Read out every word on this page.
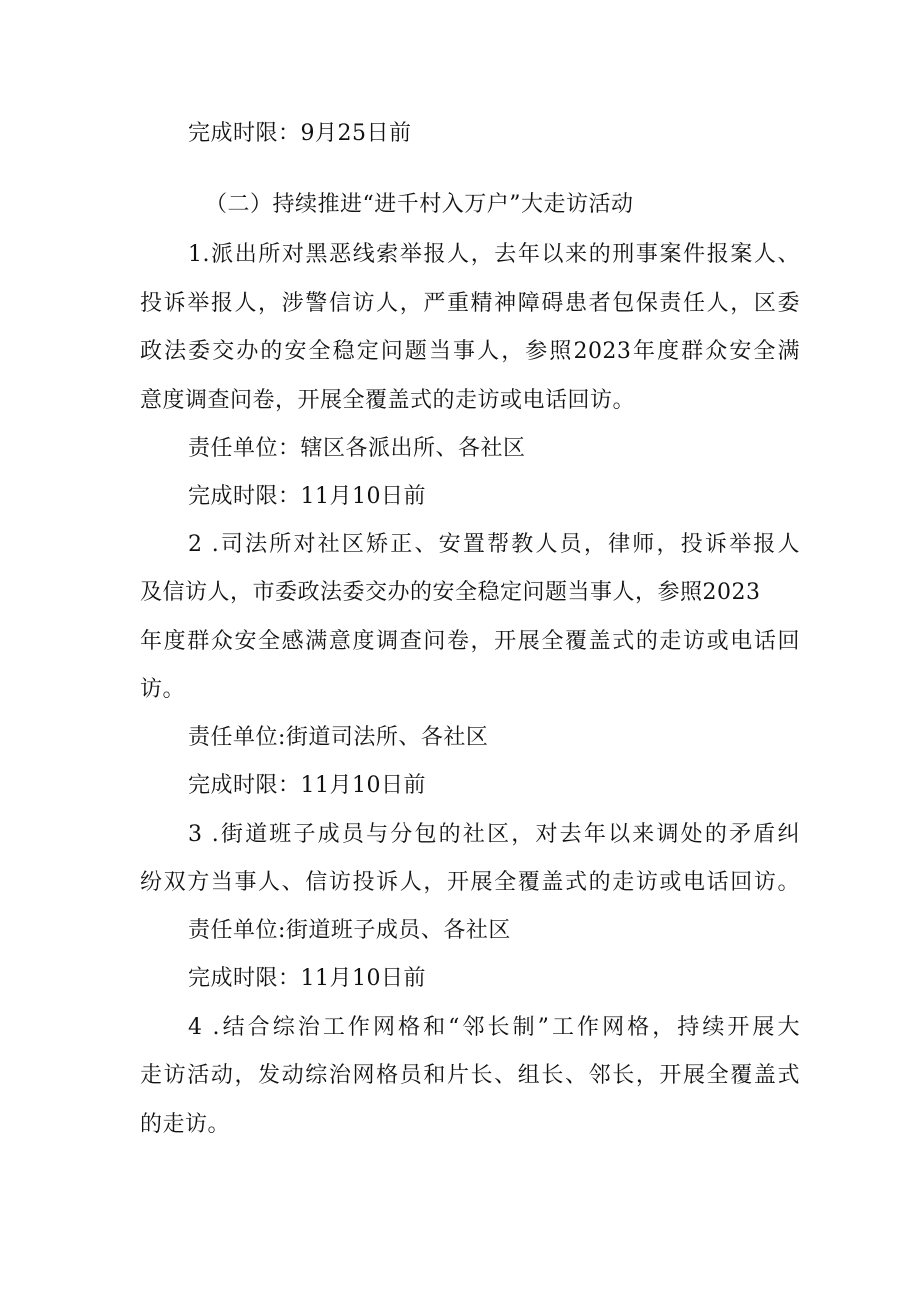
完成时限：9月25日前
（二）持续推进“进千村入万户”大走访活动
1.派出所对黑恶线索举报人，去年以来的刑事案件报案人、
投诉举报人，涉警信访人，严重精神障碍患者包保责任人，区委
政法委交办的安全稳定问题当事人，参照2023年度群众安全满
意度调查问卷，开展全覆盖式的走访或电话回访。
责任单位：辖区各派出所、各社区
完成时限：11月10日前
2 .司法所对社区矫正、安置帮教人员，律师，投诉举报人
及信访人，市委政法委交办的安全稳定问题当事人，参照2023
年度群众安全感满意度调查问卷，开展全覆盖式的走访或电话回
访。
责任单位:街道司法所、各社区
完成时限：11月10日前
3 .街道班子成员与分包的社区，对去年以来调处的矛盾纠
纷双方当事人、信访投诉人，开展全覆盖式的走访或电话回访。
责任单位:街道班子成员、各社区
完成时限：11月10日前
4 .结合综治工作网格和“邻长制”工作网格，持续开展大
走访活动，发动综治网格员和片长、组长、邻长，开展全覆盖式
的走访。
